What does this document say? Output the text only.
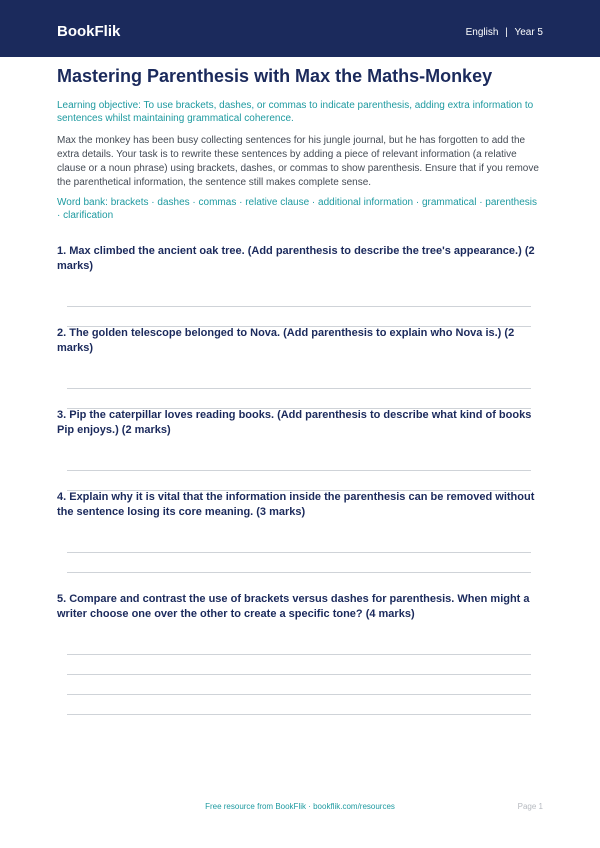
BookFlik	English | Year 5
Mastering Parenthesis with Max the Maths-Monkey

Learning objective: To use brackets, dashes, or commas to indicate parenthesis, adding extra information to sentences whilst maintaining grammatical coherence.

Max the monkey has been busy collecting sentences for his jungle journal, but he has forgotten to add the extra details. Your task is to rewrite these sentences by adding a piece of relevant information (a relative clause or a noun phrase) using brackets, dashes, or commas to show parenthesis. Ensure that if you remove the parenthetical information, the sentence still makes complete sense.

Word bank: brackets · dashes · commas · relative clause · additional information · grammatical · parenthesis · clarification

1. Max climbed the ancient oak tree. (Add parenthesis to describe the tree's appearance.) (2 marks)

2. The golden telescope belonged to Nova. (Add parenthesis to explain who Nova is.) (2 marks)

3. Pip the caterpillar loves reading books. (Add parenthesis to describe what kind of books Pip enjoys.) (2 marks)

4. Explain why it is vital that the information inside the parenthesis can be removed without the sentence losing its core meaning. (3 marks)

5. Compare and contrast the use of brackets versus dashes for parenthesis. When might a writer choose one over the other to create a specific tone? (4 marks)

Free resource from BookFlik · bookflik.com/resources	Page 1
